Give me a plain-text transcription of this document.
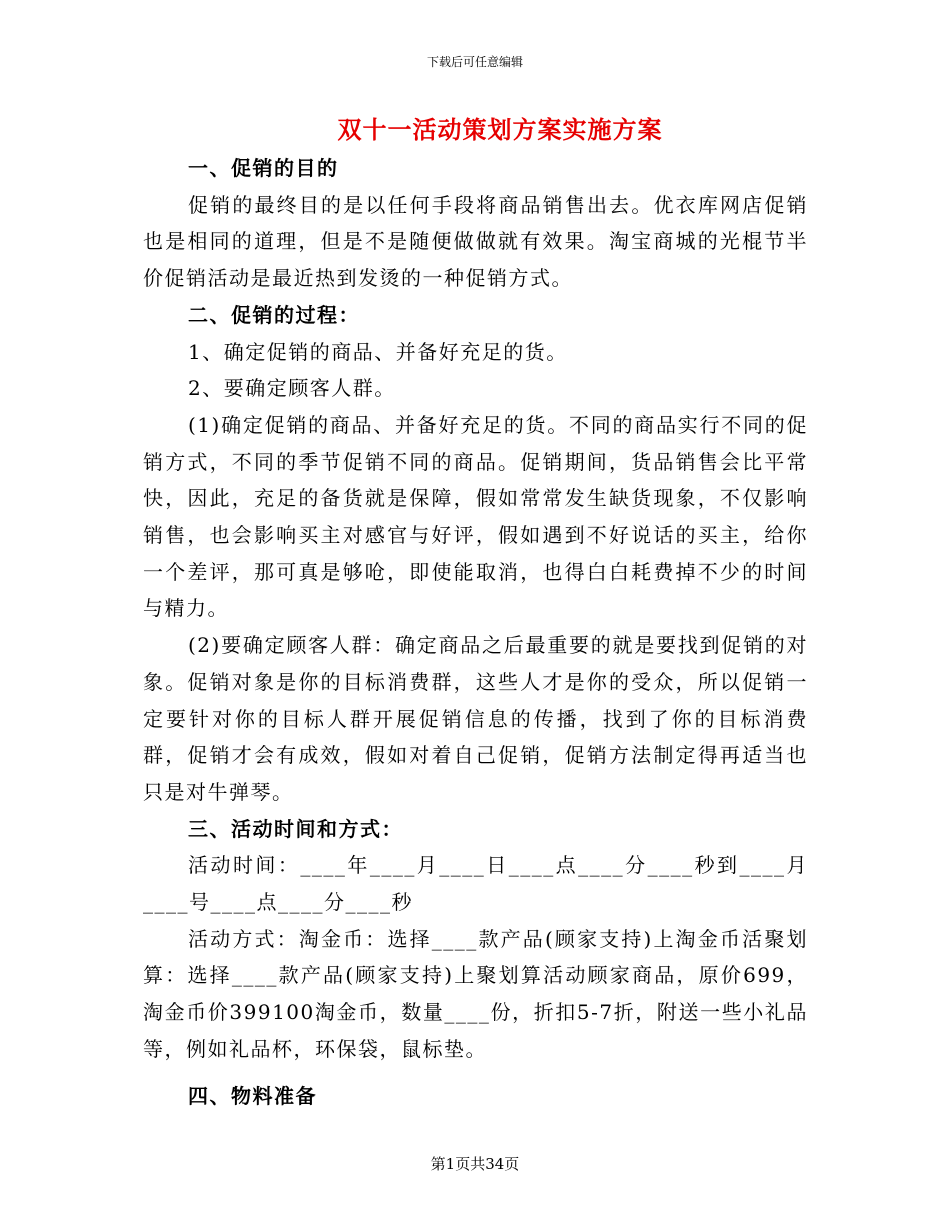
下载后可任意编辑
双十一活动策划方案实施方案

一、促销的目的

促销的最终目的是以任何手段将商品销售出去。优衣库网店促销也是相同的道理，但是不是随便做做就有效果。淘宝商城的光棍节半价促销活动是最近热到发烫的一种促销方式。

二、促销的过程：

1、确定促销的商品、并备好充足的货。

2、要确定顾客人群。

(1)确定促销的商品、并备好充足的货。不同的商品实行不同的促销方式，不同的季节促销不同的商品。促销期间，货品销售会比平常快，因此，充足的备货就是保障，假如常常发生缺货现象，不仅影响销售，也会影响买主对感官与好评，假如遇到不好说话的买主，给你一个差评，那可真是够呛，即使能取消，也得白白耗费掉不少的时间与精力。

(2)要确定顾客人群：确定商品之后最重要的就是要找到促销的对象。促销对象是你的目标消费群，这些人才是你的受众，所以促销一定要针对你的目标人群开展促销信息的传播，找到了你的目标消费群，促销才会有成效，假如对着自己促销，促销方法制定得再适当也只是对牛弹琴。

三、活动时间和方式：

活动时间：____年____月____日____点____分____秒到____月____号____点____分____秒

活动方式：淘金币：选择____款产品(顾家支持)上淘金币活聚划算：选择____款产品(顾家支持)上聚划算活动顾家商品，原价699，淘金币价399100淘金币，数量____份，折扣5-7折，附送一些小礼品等，例如礼品杯，环保袋，鼠标垫。

四、物料准备

第1页共34页
